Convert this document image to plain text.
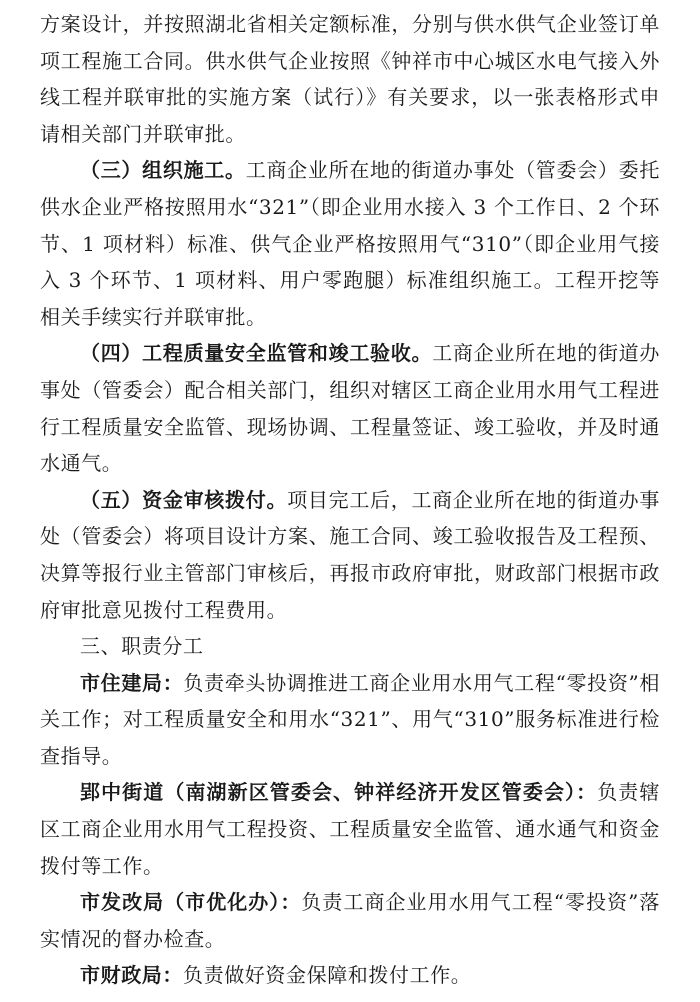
方案设计，并按照湖北省相关定额标准，分别与供水供气企业签订单项工程施工合同。供水供气企业按照《钟祥市中心城区水电气接入外线工程并联审批的实施方案（试行）》有关要求，以一张表格形式申请相关部门并联审批。

（三）组织施工。工商企业所在地的街道办事处（管委会）委托供水企业严格按照用水“321”（即企业用水接入 3 个工作日、2 个环节、1 项材料）标准、供气企业严格按照用气“310”（即企业用气接入 3 个环节、1 项材料、用户零跑腿）标准组织施工。工程开挖等相关手续实行并联审批。

（四）工程质量安全监管和竣工验收。工商企业所在地的街道办事处（管委会）配合相关部门，组织对辖区工商企业用水用气工程进行工程质量安全监管、现场协调、工程量签证、竣工验收，并及时通水通气。

（五）资金审核拨付。项目完工后，工商企业所在地的街道办事处（管委会）将项目设计方案、施工合同、竣工验收报告及工程预、决算等报行业主管部门审核后，再报市政府审批，财政部门根据市政府审批意见拨付工程费用。

三、职责分工

市住建局：负责牵头协调推进工商企业用水用气工程“零投资”相关工作；对工程质量安全和用水“321”、用气“310”服务标准进行检查指导。

郢中街道（南湖新区管委会、钟祥经济开发区管委会）：负责辖区工商企业用水用气工程投资、工程质量安全监管、通水通气和资金拨付等工作。

市发改局（市优化办）：负责工商企业用水用气工程“零投资”落实情况的督办检查。

市财政局：负责做好资金保障和拨付工作。
